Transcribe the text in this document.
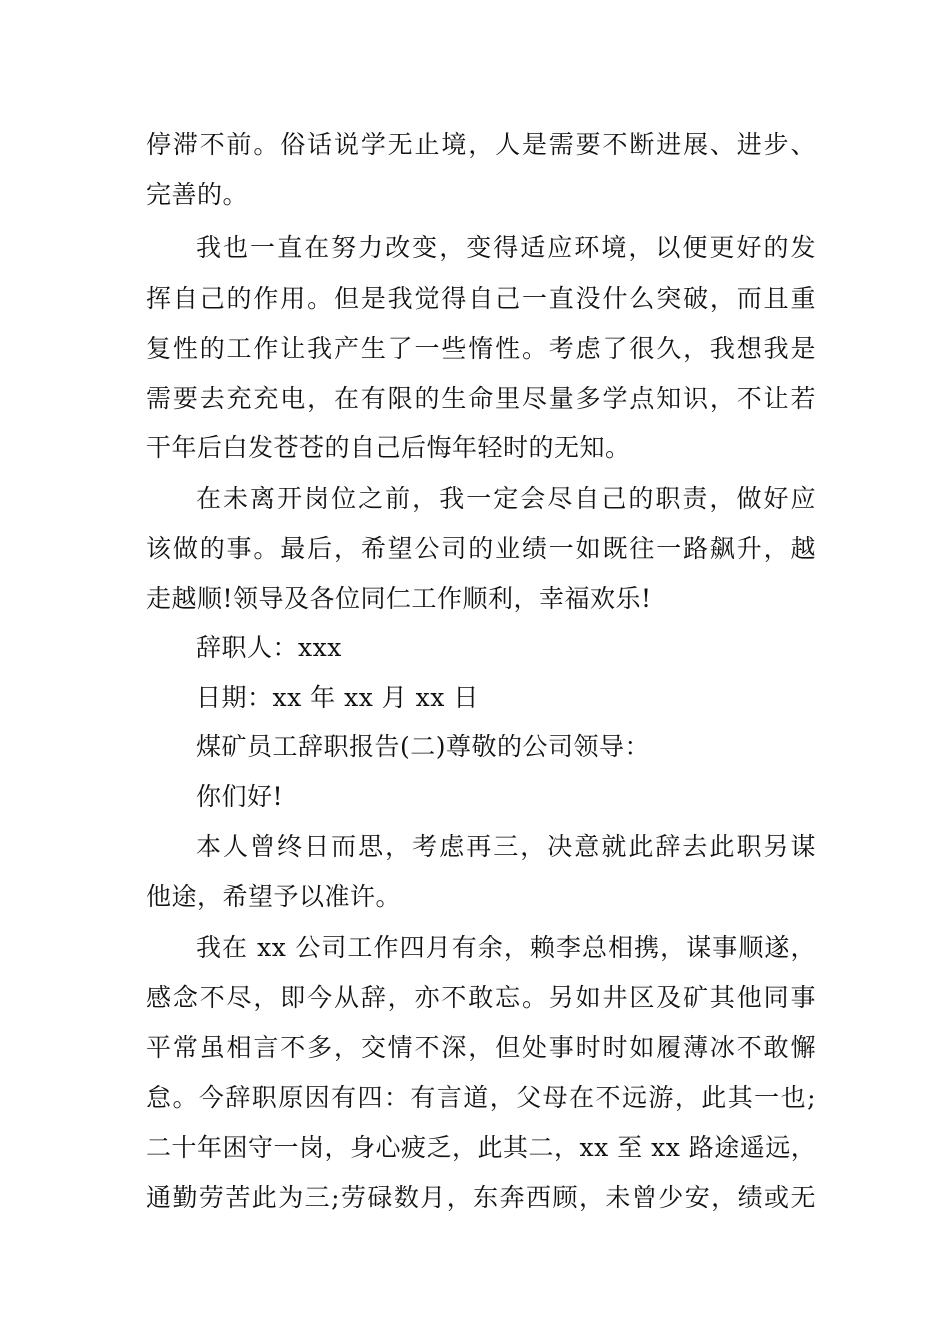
停滞不前。俗话说学无止境，人是需要不断进展、进步、
完善的。
我也一直在努力改变，变得适应环境，以便更好的发
挥自己的作用。但是我觉得自己一直没什么突破，而且重
复性的工作让我产生了一些惰性。考虑了很久，我想我是
需要去充充电，在有限的生命里尽量多学点知识，不让若
干年后白发苍苍的自己后悔年轻时的无知。
在未离开岗位之前，我一定会尽自己的职责，做好应
该做的事。最后，希望公司的业绩一如既往一路飙升，越
走越顺!领导及各位同仁工作顺利，幸福欢乐!
辞职人：xxx
日期：xx 年 xx 月 xx 日
煤矿员工辞职报告(二)尊敬的公司领导：
你们好!
本人曾终日而思，考虑再三，决意就此辞去此职另谋
他途，希望予以准许。
我在 xx 公司工作四月有余，赖李总相携，谋事顺遂，
感念不尽，即今从辞，亦不敢忘。另如井区及矿其他同事
平常虽相言不多，交情不深，但处事时时如履薄冰不敢懈
怠。今辞职原因有四：有言道，父母在不远游，此其一也;
二十年困守一岗，身心疲乏，此其二，xx 至 xx 路途遥远，
通勤劳苦此为三;劳碌数月，东奔西顾，未曾少安，绩或无
